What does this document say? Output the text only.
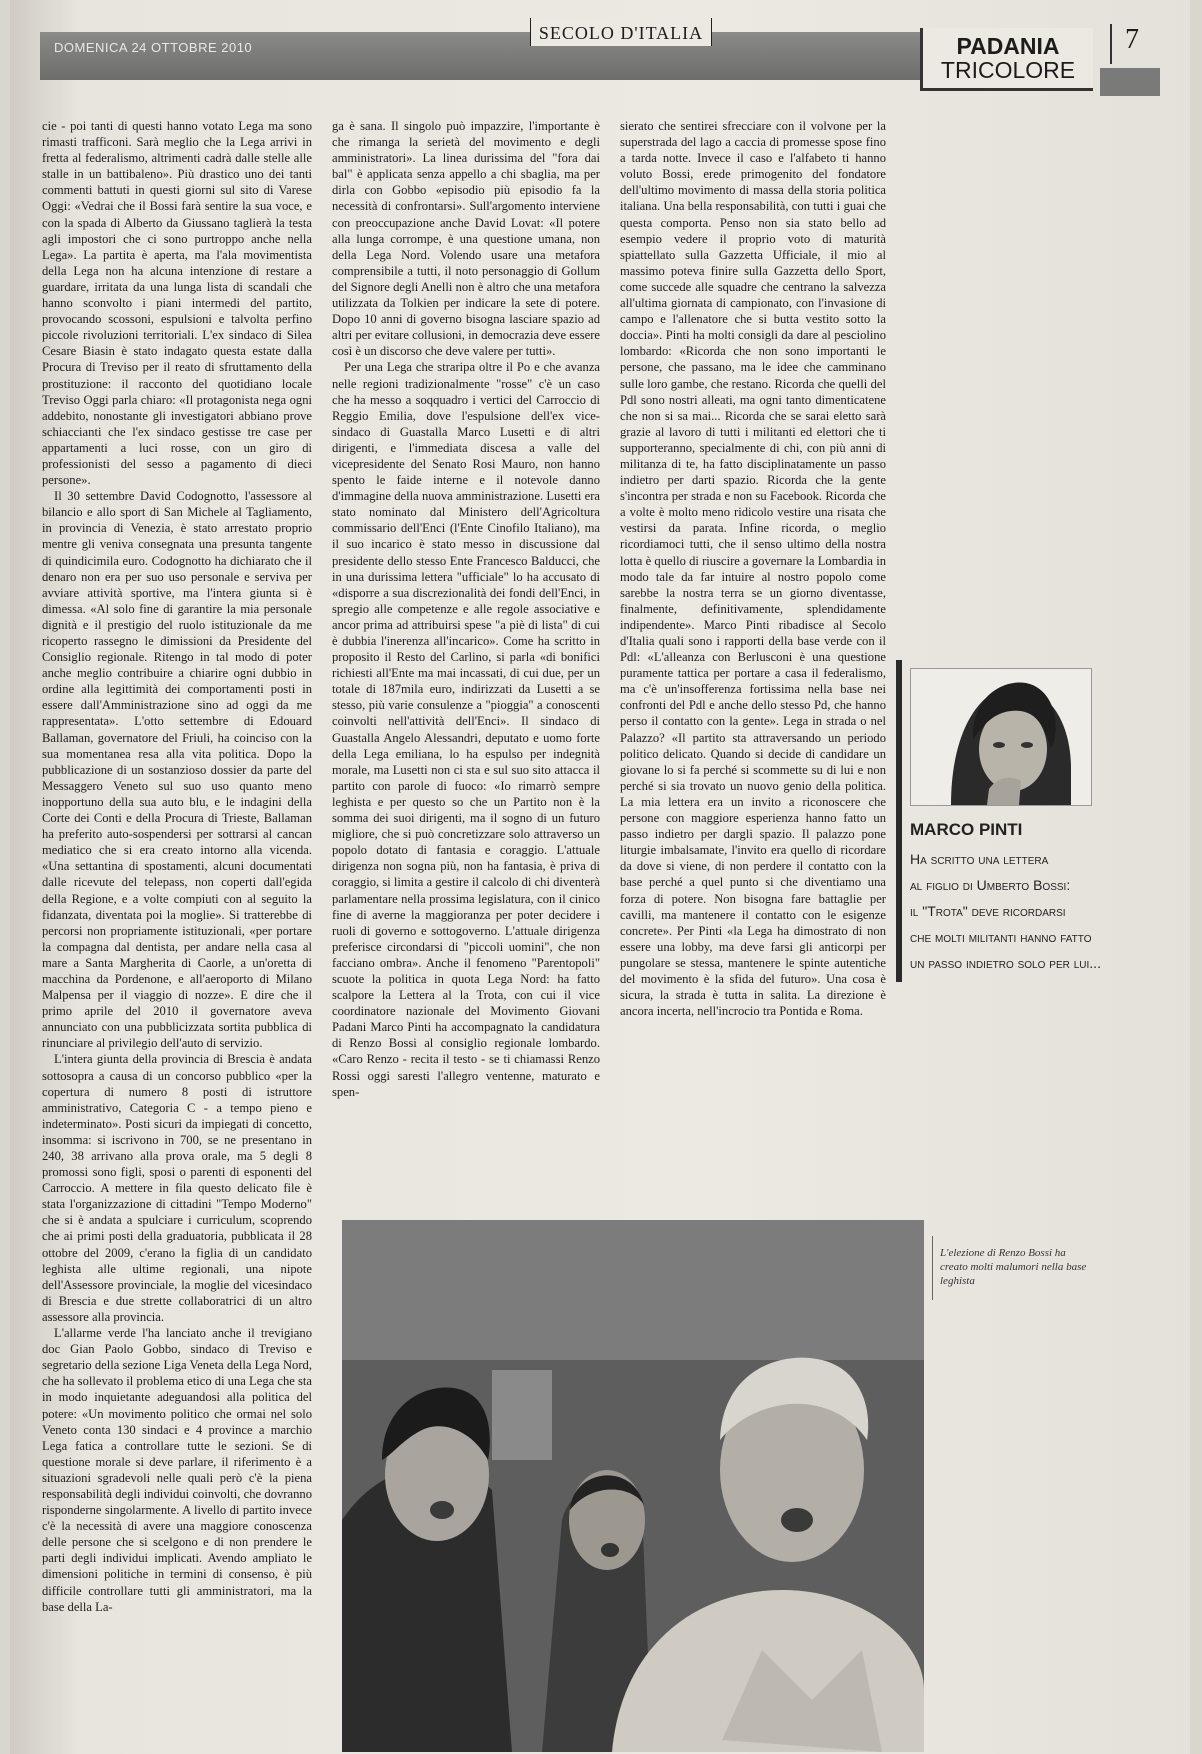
DOMENICA 24 OTTOBRE 2010
SECOLO D'ITALIA	PADANIA
TRICOLORE
7

cie - poi tanti di questi hanno votato Lega ma sono rimasti trafficoni. Sarà meglio che la Lega arrivi in fretta al federalismo, altrimenti cadrà dalle stelle alle stalle in un battibaleno». Più drastico uno dei tanti commenti battuti in questi giorni sul sito di Varese Oggi: «Vedrai che il Bossi farà sentire la sua voce, e con la spada di Alberto da Giussano taglierà la testa agli impostori che ci sono purtroppo anche nella Lega». La partita è aperta, ma l'ala movimentista della Lega non ha alcuna intenzione di restare a guardare, irritata da una lunga lista di scandali che hanno sconvolto i piani intermedi del partito, provocando scossoni, espulsioni e talvolta perfino piccole rivoluzioni territoriali. L'ex sindaco di Silea Cesare Biasin è stato indagato questa estate dalla Procura di Treviso per il reato di sfruttamento della prostituzione: il racconto del quotidiano locale Treviso Oggi parla chiaro: «Il protagonista nega ogni addebito, nonostante gli investigatori abbiano prove schiaccianti che l'ex sindaco gestisse tre case per appartamenti a luci rosse, con un giro di professionisti del sesso a pagamento di dieci persone».

Il 30 settembre David Codognotto, l'assessore al bilancio e allo sport di San Michele al Tagliamento, in provincia di Venezia, è stato arrestato proprio mentre gli veniva consegnata una presunta tangente di quindicimila euro. Codognotto ha dichiarato che il denaro non era per suo uso personale e serviva per avviare attività sportive, ma l'intera giunta si è dimessa. «Al solo fine di garantire la mia personale dignità e il prestigio del ruolo istituzionale da me ricoperto rassegno le dimissioni da Presidente del Consiglio regionale. Ritengo in tal modo di poter anche meglio contribuire a chiarire ogni dubbio in ordine alla legittimità dei comportamenti posti in essere dall'Amministrazione sino ad oggi da me rappresentata». L'otto settembre di Edouard Ballaman, governatore del Friuli, ha coinciso con la sua momentanea resa alla vita politica. Dopo la pubblicazione di un sostanzioso dossier da parte del Messaggero Veneto sul suo uso quanto meno inopportuno della sua auto blu, e le indagini della Corte dei Conti e della Procura di Trieste, Ballaman ha preferito auto-sospendersi per sottrarsi al cancan mediatico che si era creato intorno alla vicenda. «Una settantina di spostamenti, alcuni documentati dalle ricevute del telepass, non coperti dall'egida della Regione, e a volte compiuti con al seguito la fidanzata, diventata poi la moglie». Si tratterebbe di percorsi non propriamente istituzionali, «per portare la compagna dal dentista, per andare nella casa al mare a Santa Margherita di Caorle, a un'oretta di macchina da Pordenone, e all'aeroporto di Milano Malpensa per il viaggio di nozze». E dire che il primo aprile del 2010 il governatore aveva annunciato con una pubblicizzata sortita pubblica di rinunciare al privilegio dell'auto di servizio.

L'intera giunta della provincia di Brescia è andata sottosopra a causa di un concorso pubblico «per la copertura di numero 8 posti di istruttore amministrativo, Categoria C - a tempo pieno e indeterminato». Posti sicuri da impiegati di concetto, insomma: si iscrivono in 700, se ne presentano in 240, 38 arrivano alla prova orale, ma 5 degli 8 promossi sono figli, sposi o parenti di esponenti del Carroccio. A mettere in fila questo delicato file è stata l'organizzazione di cittadini "Tempo Moderno" che si è andata a spulciare i curriculum, scoprendo che ai primi posti della graduatoria, pubblicata il 28 ottobre del 2009, c'erano la figlia di un candidato leghista alle ultime regionali, una nipote dell'Assessore provinciale, la moglie del vicesindaco di Brescia e due strette collaboratrici di un altro assessore alla provincia.

L'allarme verde l'ha lanciato anche il trevigiano doc Gian Paolo Gobbo, sindaco di Treviso e segretario della sezione Liga Veneta della Lega Nord, che ha sollevato il problema etico di una Lega che sta in modo inquietante adeguandosi alla politica del potere: «Un movimento politico che ormai nel solo Veneto conta 130 sindaci e 4 province a marchio Lega fatica a controllare tutte le sezioni. Se di questione morale si deve parlare, il riferimento è a situazioni sgradevoli nelle quali però c'è la piena responsabilità degli individui coinvolti, che dovranno risponderne singolarmente. A livello di partito invece c'è la necessità di avere una maggiore conoscenza delle persone che si scelgono e di non prendere le parti degli individui implicati. Avendo ampliato le dimensioni politiche in termini di consenso, è più difficile controllare tutti gli amministratori, ma la base della La-

ga è sana. Il singolo può impazzire, l'importante è che rimanga la serietà del movimento e degli amministratori». La linea durissima del "fora dai bal" è applicata senza appello a chi sbaglia, ma per dirla con Gobbo «episodio più episodio fa la necessità di confrontarsi». Sull'argomento interviene con preoccupazione anche David Lovat: «Il potere alla lunga corrompe, è una questione umana, non della Lega Nord. Volendo usare una metafora comprensibile a tutti, il noto personaggio di Gollum del Signore degli Anelli non è altro che una metafora utilizzata da Tolkien per indicare la sete di potere. Dopo 10 anni di governo bisogna lasciare spazio ad altri per evitare collusioni, in democrazia deve essere così è un discorso che deve valere per tutti».

Per una Lega che straripa oltre il Po e che avanza nelle regioni tradizionalmente "rosse" c'è un caso che ha messo a soqquadro i vertici del Carroccio di Reggio Emilia, dove l'espulsione dell'ex vice-sindaco di Guastalla Marco Lusetti e di altri dirigenti, e l'immediata discesa a valle del vicepresidente del Senato Rosi Mauro, non hanno spento le faide interne e il notevole danno d'immagine della nuova amministrazione. Lusetti era stato nominato dal Ministero dell'Agricoltura commissario dell'Enci (l'Ente Cinofilo Italiano), ma il suo incarico è stato messo in discussione dal presidente dello stesso Ente Francesco Balducci, che in una durissima lettera "ufficiale" lo ha accusato di «disporre a sua discrezionalità dei fondi dell'Enci, in spregio alle competenze e alle regole associative e ancor prima ad attribuirsi spese "a piè di lista" di cui è dubbia l'inerenza all'incarico». Come ha scritto in proposito il Resto del Carlino, si parla «di bonifici richiesti all'Ente ma mai incassati, di cui due, per un totale di 187mila euro, indirizzati da Lusetti a se stesso, più varie consulenze a "pioggia" a conoscenti coinvolti nell'attività dell'Enci». Il sindaco di Guastalla Angelo Alessandri, deputato e uomo forte della Lega emiliana, lo ha espulso per indegnità morale, ma Lusetti non ci sta e sul suo sito attacca il partito con parole di fuoco: «Io rimarrò sempre leghista e per questo so che un Partito non è la somma dei suoi dirigenti, ma il sogno di un futuro migliore, che si può concretizzare solo attraverso un popolo dotato di fantasia e coraggio. L'attuale dirigenza non sogna più, non ha fantasia, è priva di coraggio, si limita a gestire il calcolo di chi diventerà parlamentare nella prossima legislatura, con il cinico fine di averne la maggioranza per poter decidere i ruoli di governo e sottogoverno. L'attuale dirigenza preferisce circondarsi di "piccoli uomini", che non facciano ombra». Anche il fenomeno "Parentopoli" scuote la politica in quota Lega Nord: ha fatto scalpore la Lettera al la Trota, con cui il vice coordinatore nazionale del Movimento Giovani Padani Marco Pinti ha accompagnato la candidatura di Renzo Bossi al consiglio regionale lombardo. «Caro Renzo - recita il testo - se ti chiamassi Renzo Rossi oggi saresti l'allegro ventenne, maturato e spen-

sierato che sentirei sfrecciare con il volvone per la superstrada del lago a caccia di promesse spose fino a tarda notte. Invece il caso e l'alfabeto ti hanno voluto Bossi, erede primogenito del fondatore dell'ultimo movimento di massa della storia politica italiana. Una bella responsabilità, con tutti i guai che questa comporta. Penso non sia stato bello ad esempio vedere il proprio voto di maturità spiattellato sulla Gazzetta Ufficiale, il mio al massimo poteva finire sulla Gazzetta dello Sport, come succede alle squadre che centrano la salvezza all'ultima giornata di campionato, con l'invasione di campo e l'allenatore che si butta vestito sotto la doccia». Pinti ha molti consigli da dare al pesciolino lombardo: «Ricorda che non sono importanti le persone, che passano, ma le idee che camminano sulle loro gambe, che restano. Ricorda che quelli del Pdl sono nostri alleati, ma ogni tanto dimenticatene che non si sa mai... Ricorda che se sarai eletto sarà grazie al lavoro di tutti i militanti ed elettori che ti supporteranno, specialmente di chi, con più anni di militanza di te, ha fatto disciplinatamente un passo indietro per darti spazio. Ricorda che la gente s'incontra per strada e non su Facebook. Ricorda che a volte è molto meno ridicolo vestire una risata che vestirsi da parata. Infine ricorda, o meglio ricordiamoci tutti, che il senso ultimo della nostra lotta è quello di riuscire a governare la Lombardia in modo tale da far intuire al nostro popolo come sarebbe la nostra terra se un giorno diventasse, finalmente, definitivamente, splendidamente indipendente». Marco Pinti ribadisce al Secolo d'Italia quali sono i rapporti della base verde con il Pdl: «L'alleanza con Berlusconi è una questione puramente tattica per portare a casa il federalismo, ma c'è un'insofferenza fortissima nella base nei confronti del Pdl e anche dello stesso Pd, che hanno perso il contatto con la gente». Lega in strada o nel Palazzo? «Il partito sta attraversando un periodo politico delicato. Quando si decide di candidare un giovane lo si fa perché si scommette su di lui e non perché si sia trovato un nuovo genio della politica. La mia lettera era un invito a riconoscere che persone con maggiore esperienza hanno fatto un passo indietro per dargli spazio. Il palazzo pone liturgie imbalsamate, l'invito era quello di ricordare da dove si viene, di non perdere il contatto con la base perché a quel punto si che diventiamo una forza di potere. Non bisogna fare battaglie per cavilli, ma mantenere il contatto con le esigenze concrete». Per Pinti «la Lega ha dimostrato di non essere una lobby, ma deve farsi gli anticorpi per pungolare se stessa, mantenere le spinte autentiche del movimento è la sfida del futuro». Una cosa è sicura, la strada è tutta in salita. La direzione è ancora incerta, nell'incrocio tra Pontida e Roma.

MARCO PINTI
Ha scritto una lettera
al figlio di Umberto Bossi:
il "Trota" deve ricordarsi
che molti militanti hanno fatto
un passo indietro solo per lui...
L'elezione di Renzo Bossi ha creato molti malumori nella base leghista
